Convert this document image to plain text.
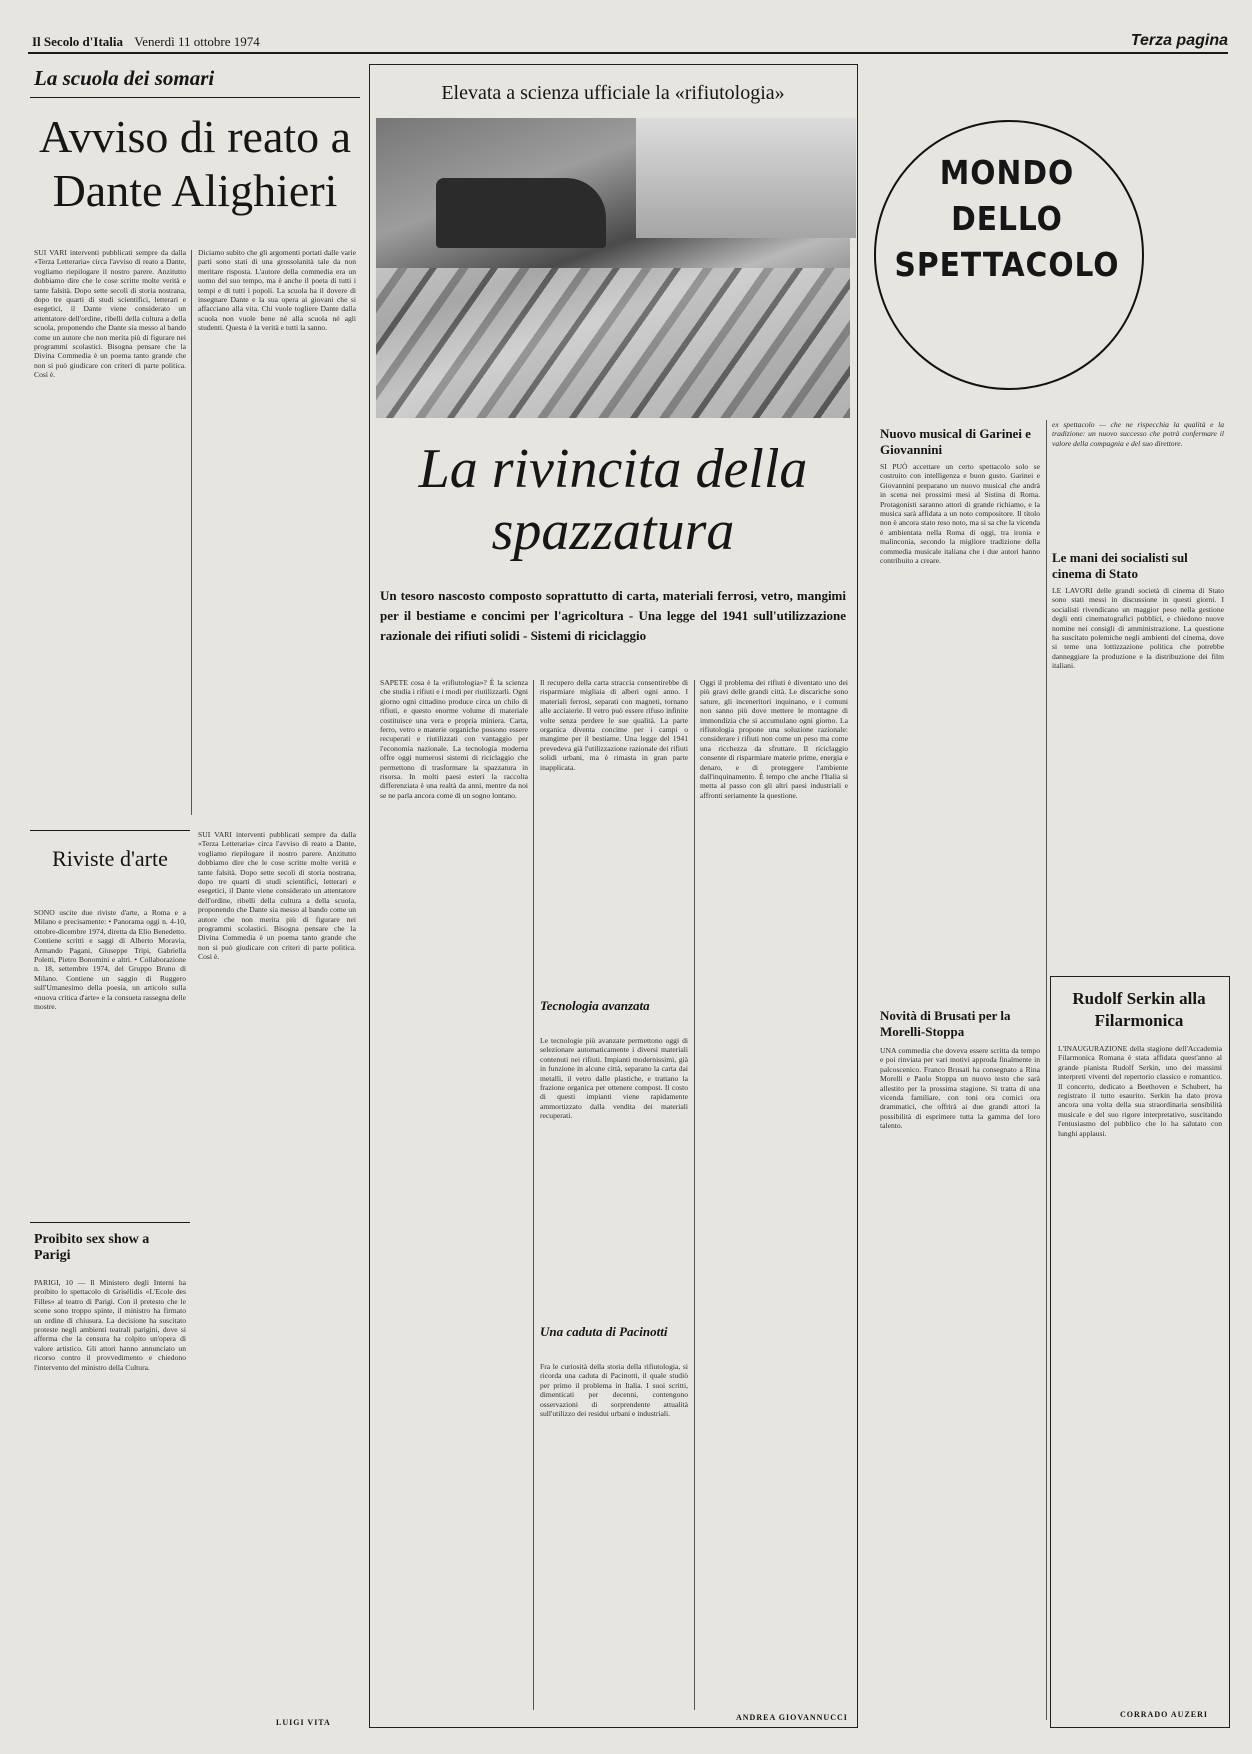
Il Secolo d'Italia Venerdì 11 ottobre 1974	Terza pagina
La scuola dei somari
Avviso di reato a Dante Alighieri
SUI VARI interventi pubblicati sempre da dalla «Terza Letteraria» circa l'avviso di reato a Dante, vogliamo riepilogare il nostro parere. Anzitutto dobbiamo dire che le cose scritte molte verità e tante falsità. Dopo sette secoli di storia nostrana, dopo tre quarti di studi scientifici, letterari e esegetici, il Dante viene considerato un attentatore dell'ordine, ribelli della cultura a della scuola, proponendo che Dante sia messo al bando come un autore che non merita più di figurare nei programmi scolastici. Bisogna pensare che la Divina Commedia è un poema tanto grande che non si può giudicare con criteri di parte politica. Così è.
Diciamo subito che gli argomenti portati dalle varie parti sono stati di una grossolanità tale da non meritare risposta. L'autore della commedia era un uomo del suo tempo, ma è anche il poeta di tutti i tempi e di tutti i popoli. La scuola ha il dovere di insegnare Dante e la sua opera ai giovani che si affacciano alla vita. Chi vuole togliere Dante dalla scuola non vuole bene né alla scuola né agli studenti. Questa è la verità e tutti la sanno.
Riviste d'arte
SONO uscite due riviste d'arte, a Roma e a Milano e precisamente: • Panorama oggi n. 4-10, ottobre-dicembre 1974, diretta da Elio Benedetto. Contiene scritti e saggi di Alberto Moravia, Armando Pagani, Giuseppe Tripi, Gabriella Poletti, Pietro Bonomini e altri. • Collaborazione n. 18, settembre 1974, del Gruppo Bruno di Milano. Contiene un saggio di Ruggero sull'Umanesimo della poesia, un articolo sulla «nuova critica d'arte» e la consueta rassegna delle mostre.
Proibito sex show a Parigi
PARIGI, 10 — Il Ministero degli Interni ha proibito lo spettacolo di Grisélidis «L'Ecole des Filles» al teatro di Parigi. Con il pretesto che le scene sono troppo spinte, il ministro ha firmato un ordine di chiusura. La decisione ha suscitato proteste negli ambienti teatrali parigini, dove si afferma che la censura ha colpito un'opera di valore artistico. Gli attori hanno annunciato un ricorso contro il provvedimento e chiedono l'intervento del ministro della Cultura.
SUI VARI interventi pubblicati sempre da dalla «Terza Letteraria» circa l'avviso di reato a Dante, vogliamo riepilogare il nostro parere. Anzitutto dobbiamo dire che le cose scritte molte verità e tante falsità. Dopo sette secoli di storia nostrana, dopo tre quarti di studi scientifici, letterari e esegetici, il Dante viene considerato un attentatore dell'ordine, ribelli della cultura a della scuola, proponendo che Dante sia messo al bando come un autore che non merita più di figurare nei programmi scolastici. Bisogna pensare che la Divina Commedia è un poema tanto grande che non si può giudicare con criteri di parte politica. Così è.
LUIGI VITA
Elevata a scienza ufficiale la «rifiutologia»
La rivincita della spazzatura
Un tesoro nascosto composto soprattutto di carta, materiali ferrosi, vetro, mangimi per il bestiame e concimi per l'agricoltura - Una legge del 1941 sull'utilizzazione razionale dei rifiuti solidi - Sistemi di riciclaggio
SAPETE cosa è la «rifiutologia»? È la scienza che studia i rifiuti e i modi per riutilizzarli. Ogni giorno ogni cittadino produce circa un chilo di rifiuti, e questo enorme volume di materiale costituisce una vera e propria miniera. Carta, ferro, vetro e materie organiche possono essere recuperati e riutilizzati con vantaggio per l'economia nazionale. La tecnologia moderna offre oggi numerosi sistemi di riciclaggio che permettono di trasformare la spazzatura in risorsa. In molti paesi esteri la raccolta differenziata è una realtà da anni, mentre da noi se ne parla ancora come di un sogno lontano.
Il recupero della carta straccia consentirebbe di risparmiare migliaia di alberi ogni anno. I materiali ferrosi, separati con magneti, tornano alle acciaierie. Il vetro può essere rifuso infinite volte senza perdere le sue qualità. La parte organica diventa concime per i campi o mangime per il bestiame. Una legge del 1941 prevedeva già l'utilizzazione razionale dei rifiuti solidi urbani, ma è rimasta in gran parte inapplicata.
Tecnologia avanzata
Le tecnologie più avanzate permettono oggi di selezionare automaticamente i diversi materiali contenuti nei rifiuti. Impianti modernissimi, già in funzione in alcune città, separano la carta dai metalli, il vetro dalle plastiche, e trattano la frazione organica per ottenere compost. Il costo di questi impianti viene rapidamente ammortizzato dalla vendita dei materiali recuperati.
Una caduta di Pacinotti
Fra le curiosità della storia della rifiutologia, si ricorda una caduta di Pacinotti, il quale studiò per primo il problema in Italia. I suoi scritti, dimenticati per decenni, contengono osservazioni di sorprendente attualità sull'utilizzo dei residui urbani e industriali.
Oggi il problema dei rifiuti è diventato uno dei più gravi delle grandi città. Le discariche sono sature, gli inceneritori inquinano, e i comuni non sanno più dove mettere le montagne di immondizia che si accumulano ogni giorno. La rifiutologia propone una soluzione razionale: considerare i rifiuti non come un peso ma come una ricchezza da sfruttare. Il riciclaggio consente di risparmiare materie prime, energia e denaro, e di proteggere l'ambiente dall'inquinamento. È tempo che anche l'Italia si metta al passo con gli altri paesi industriali e affronti seriamente la questione.
ANDREA GIOVANNUCCI
MONDO
DELLO
SPETTACOLO
Nuovo musical di Garinei e Giovannini
SI PUÒ accettare un certo spettacolo solo se costruito con intelligenza e buon gusto. Garinei e Giovannini preparano un nuovo musical che andrà in scena nei prossimi mesi al Sistina di Roma. Protagonisti saranno attori di grande richiamo, e la musica sarà affidata a un noto compositore. Il titolo non è ancora stato reso noto, ma si sa che la vicenda è ambientata nella Roma di oggi, tra ironia e malinconia, secondo la migliore tradizione della commedia musicale italiana che i due autori hanno contribuito a creare.
Novità di Brusati per la Morelli-Stoppa
UNA commedia che doveva essere scritta da tempo e poi rinviata per vari motivi approda finalmente in palcoscenico. Franco Brusati ha consegnato a Rina Morelli e Paolo Stoppa un nuovo testo che sarà allestito per la prossima stagione. Si tratta di una vicenda familiare, con toni ora comici ora drammatici, che offrirà ai due grandi attori la possibilità di esprimere tutta la gamma del loro talento.
ex spettacolo — che ne rispecchia la qualità e la tradizione: un nuovo successo che potrà confermare il valore della compagnia e del suo direttore.
Le mani dei socialisti sul cinema di Stato
LE LAVORI delle grandi società di cinema di Stato sono stati messi in discussione in questi giorni. I socialisti rivendicano un maggior peso nella gestione degli enti cinematografici pubblici, e chiedono nuove nomine nei consigli di amministrazione. La questione ha suscitato polemiche negli ambienti del cinema, dove si teme una lottizzazione politica che potrebbe danneggiare la produzione e la distribuzione dei film italiani.
Rudolf Serkin alla Filarmonica
L'INAUGURAZIONE della stagione dell'Accademia Filarmonica Romana è stata affidata quest'anno al grande pianista Rudolf Serkin, uno dei massimi interpreti viventi del repertorio classico e romantico. Il concerto, dedicato a Beethoven e Schubert, ha registrato il tutto esaurito. Serkin ha dato prova ancora una volta della sua straordinaria sensibilità musicale e del suo rigore interpretativo, suscitando l'entusiasmo del pubblico che lo ha salutato con lunghi applausi.
CORRADO AUZERI
